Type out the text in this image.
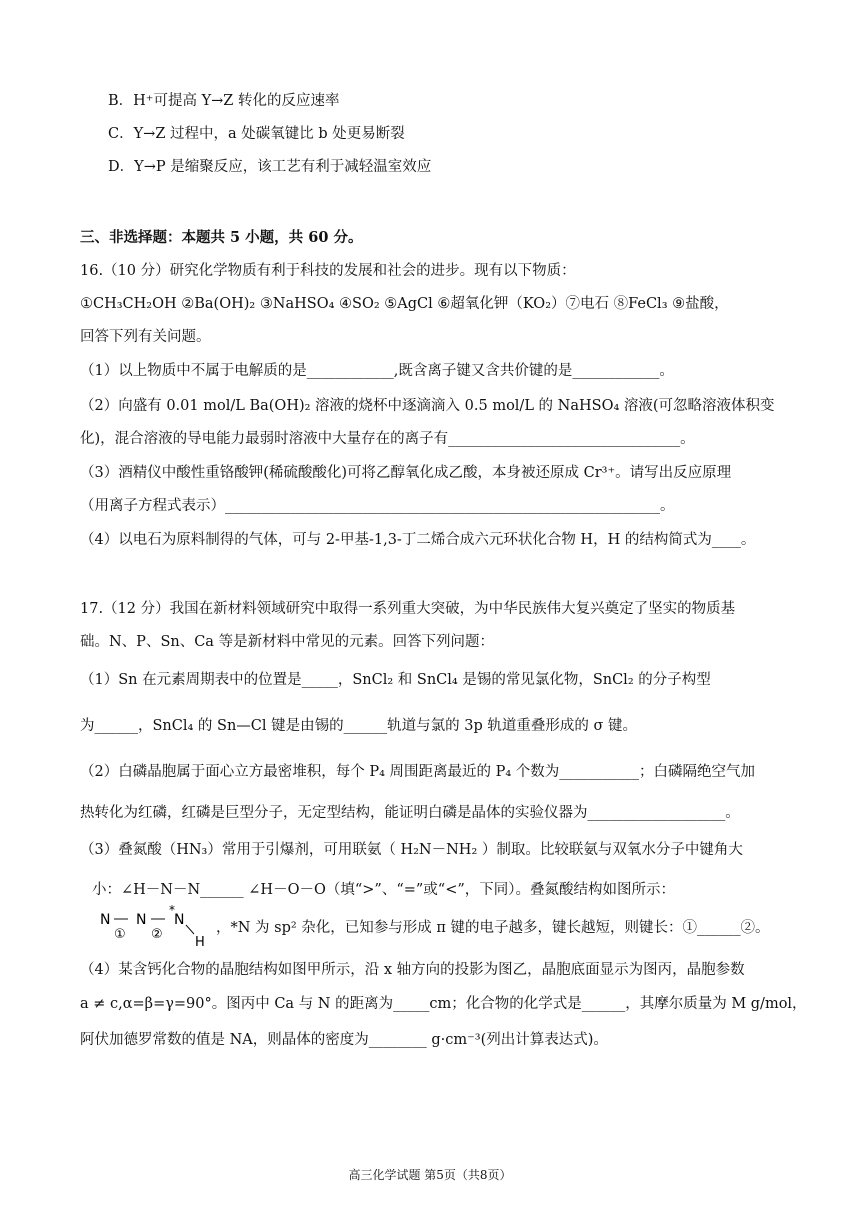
B．H⁺可提高 Y→Z 转化的反应速率
C．Y→Z 过程中，a 处碳氧键比 b 处更易断裂
D．Y→P 是缩聚反应，该工艺有利于减轻温室效应
三、非选择题：本题共 5 小题，共 60 分。
16.（10 分）研究化学物质有利于科技的发展和社会的进步。现有以下物质：
①CH₃CH₂OH ②Ba(OH)₂ ③NaHSO₄ ④SO₂ ⑤AgCl ⑥超氧化钾（KO₂）⑦电石 ⑧FeCl₃ ⑨盐酸，
回答下列有关问题。
（1）以上物质中不属于电解质的是____________,既含离子键又含共价键的是____________。
（2）向盛有 0.01 mol/L Ba(OH)₂ 溶液的烧杯中逐滴滴入 0.5 mol/L 的 NaHSO₄ 溶液(可忽略溶液体积变
化)，混合溶液的导电能力最弱时溶液中大量存在的离子有________________________________。
（3）酒精仪中酸性重铬酸钾(稀硫酸酸化)可将乙醇氧化成乙酸，本身被还原成 Cr³⁺。请写出反应原理
（用离子方程式表示）____________________________________________________________。
（4）以电石为原料制得的气体，可与 2-甲基-1,3-丁二烯合成六元环状化合物 H，H 的结构简式为____。
17.（12 分）我国在新材料领域研究中取得一系列重大突破，为中华民族伟大复兴奠定了坚实的物质基
础。N、P、Sn、Ca 等是新材料中常见的元素。回答下列问题：
（1）Sn 在元素周期表中的位置是_____，SnCl₂ 和 SnCl₄ 是锡的常见氯化物，SnCl₂ 的分子构型
为______，SnCl₄ 的 Sn—Cl 键是由锡的______轨道与氯的 3p 轨道重叠形成的 σ 键。
（2）白磷晶胞属于面心立方最密堆积，每个 P₄ 周围距离最近的 P₄ 个数为___________；白磷隔绝空气加
热转化为红磷，红磷是巨型分子，无定型结构，能证明白磷是晶体的实验仪器为___________________。
（3）叠氮酸（HN₃）常用于引爆剂，可用联氨（ H₂N－NH₂ ）制取。比较联氨与双氧水分子中键角大
小：∠H－N－N______ ∠H－O－O（填“>”、“=”或“<”，下同）。叠氮酸结构如图所示：
N
①
N
②
*
N
H
，*N 为 sp² 杂化，已知参与形成 π 键的电子越多，键长越短，则键长：①______②。
（4）某含钙化合物的晶胞结构如图甲所示，沿 x 轴方向的投影为图乙，晶胞底面显示为图丙，晶胞参数
a ≠ c,α=β=γ=90°。图丙中 Ca 与 N 的距离为_____cm；化合物的化学式是______，其摩尔质量为 M g/mol，
阿伏加德罗常数的值是 NA，则晶体的密度为________ g·cm⁻³(列出计算表达式)。
高三化学试题 第5页（共8页）
